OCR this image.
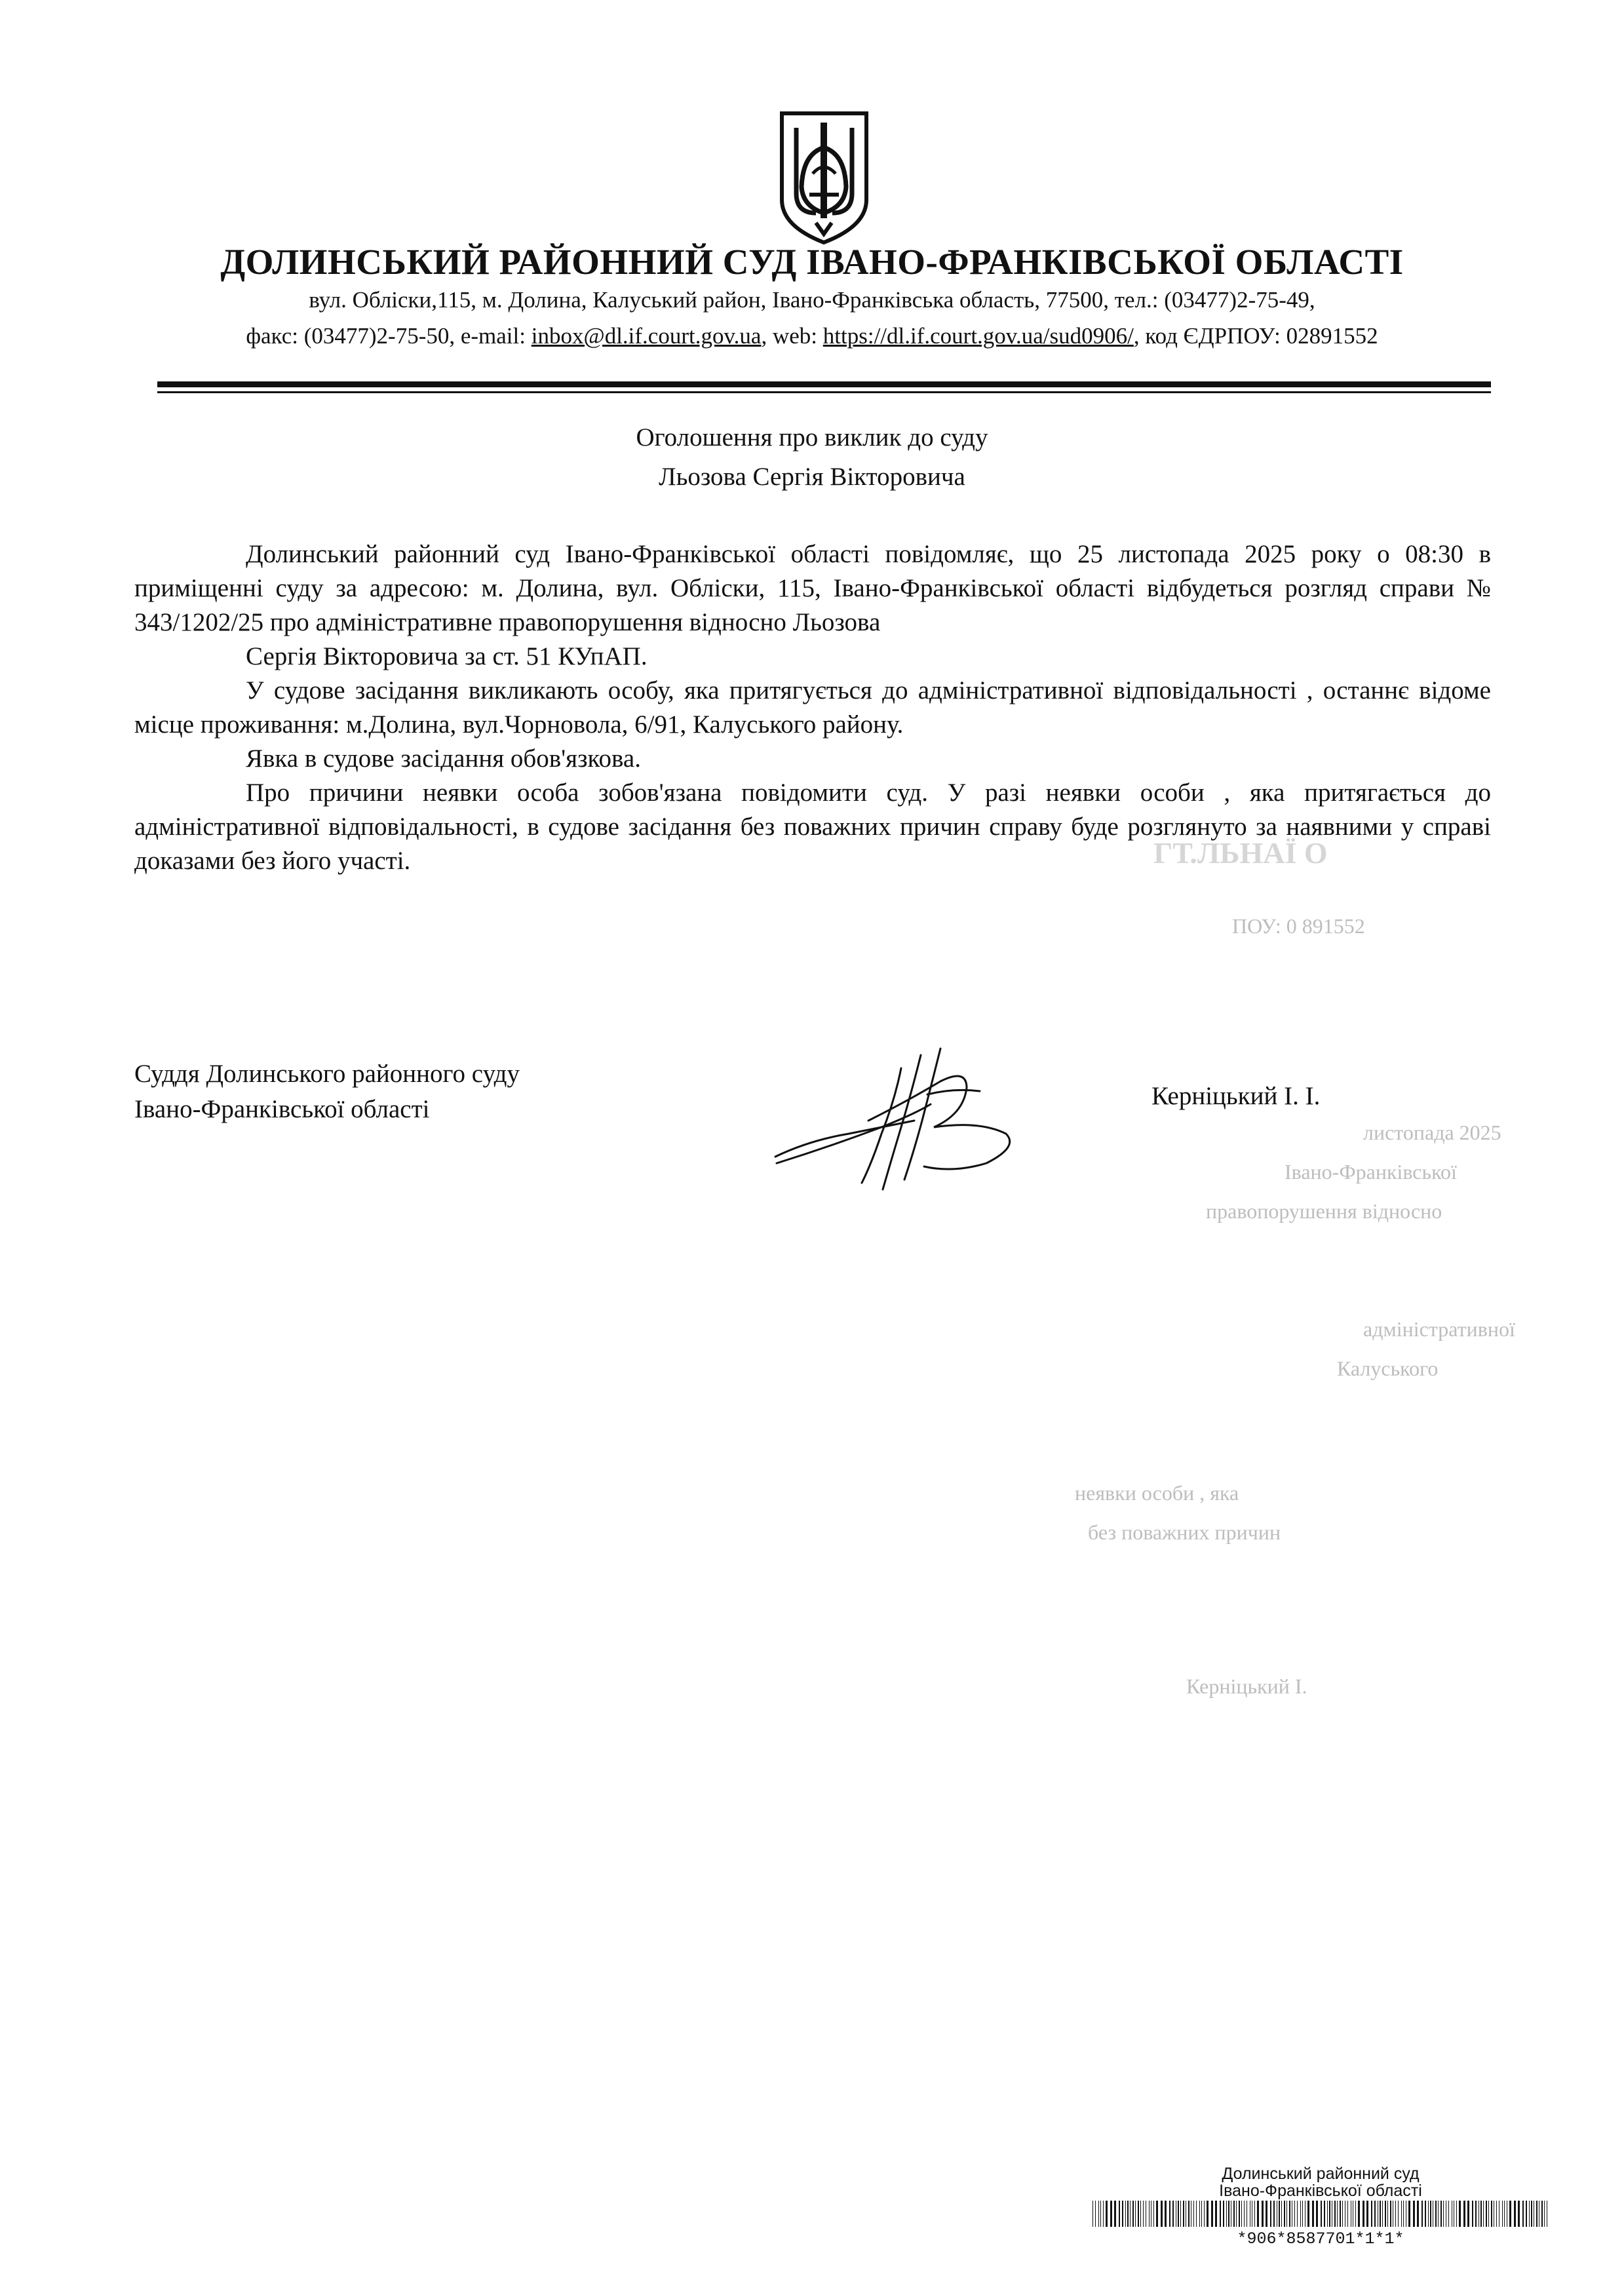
ГТ.ЛЬНАЇ О
ПОУ: 0 891552
листопада 2025
Івано-Франківської
правопорушення відносно
адміністративної
Калуського
неявки особи , яка
без поважних причин
Керніцький І.
ДОЛИНСЬКИЙ РАЙОННИЙ СУД ІВАНО-ФРАНКІВСЬКОЇ ОБЛАСТІ
вул. Обліски,115, м. Долина, Калуський район, Івано-Франківська область, 77500, тел.: (03477)2-75-49,
факс: (03477)2-75-50, e-mail: inbox@dl.if.court.gov.ua, web: https://dl.if.court.gov.ua/sud0906/, код ЄДРПОУ: 02891552
Оголошення про виклик до суду
Льозова Сергія Вікторовича

Долинський районний суд Івано-Франківської області повідомляє, що 25 листопада 2025 року о 08:30 в приміщенні суду за адресою: м. Долина, вул. Обліски, 115, Івано-Франківської області відбудеться розгляд справи № 343/1202/25 про адміністративне правопорушення відносно Льозова

Сергія Вікторовича за ст. 51 КУпАП.

У судове засідання викликають особу, яка притягується до адміністративної відповідальності , останнє відоме місце проживання: м.Долина, вул.Чорновола, 6/91, Калуського району.

Явка в судове засідання обов'язкова.

Про причини неявки особа зобов'язана повідомити суд. У разі неявки особи , яка притягається до адміністративної відповідальності, в судове засідання без поважних причин справу буде розглянуто за наявними у справі доказами без його участі.

Суддя Долинського районного суду
Івано-Франківської області	Керніцький І. І.
Долинський районний суд
Івано-Франківської області
*906*8587701*1*1*
